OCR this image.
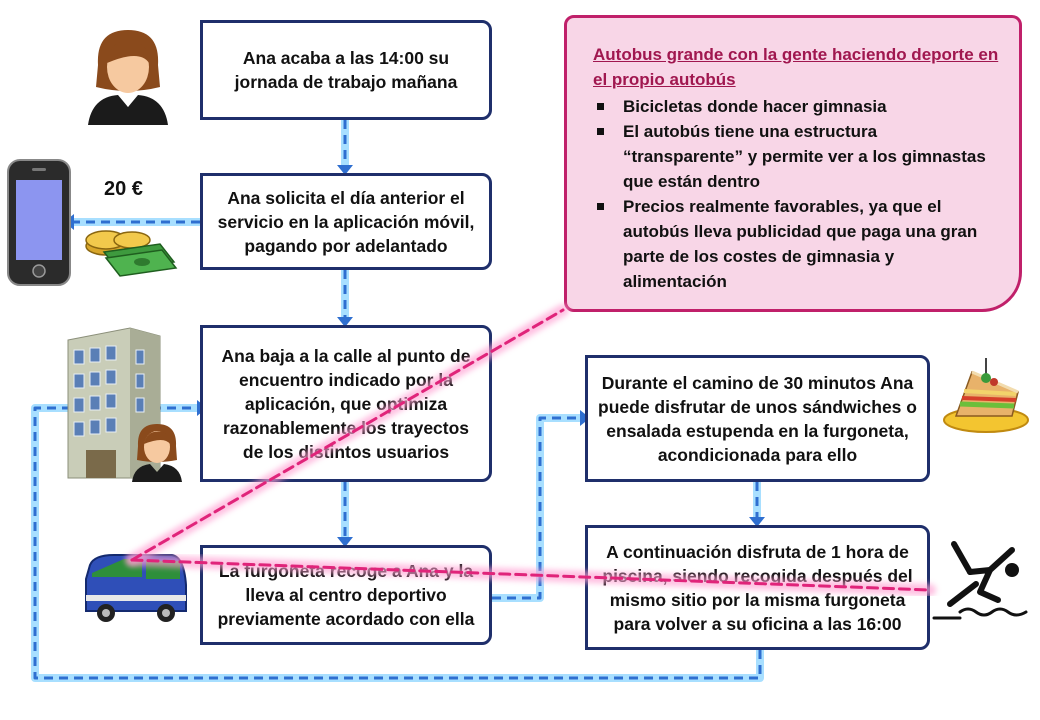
Ana acaba a las 14:00 su jornada de trabajo mañana
Ana solicita el día anterior el servicio en la aplicación móvil, pagando por adelantado
Ana baja a la calle al punto de encuentro indicado por la aplicación, que optimiza razonablemente los trayectos de los distintos usuarios
La furgoneta recoge a Ana y la lleva al centro deportivo previamente acordado con ella
Durante el camino de 30 minutos Ana puede disfrutar de unos sándwiches o ensalada estupenda en la furgoneta, acondicionada para ello
A continuación disfruta de 1 hora de piscina, siendo recogida después del mismo sitio por la misma furgoneta para volver a su oficina a las 16:00
Autobus grande con la gente haciendo deporte en el propio autobús
Bicicletas donde hacer gimnasia
El autobús tiene una estructura “transparente” y permite ver a los gimnastas que están dentro
Precios realmente favorables, ya que el autobús lleva publicidad que paga una gran parte de los costes de gimnasia y alimentación
20 €
